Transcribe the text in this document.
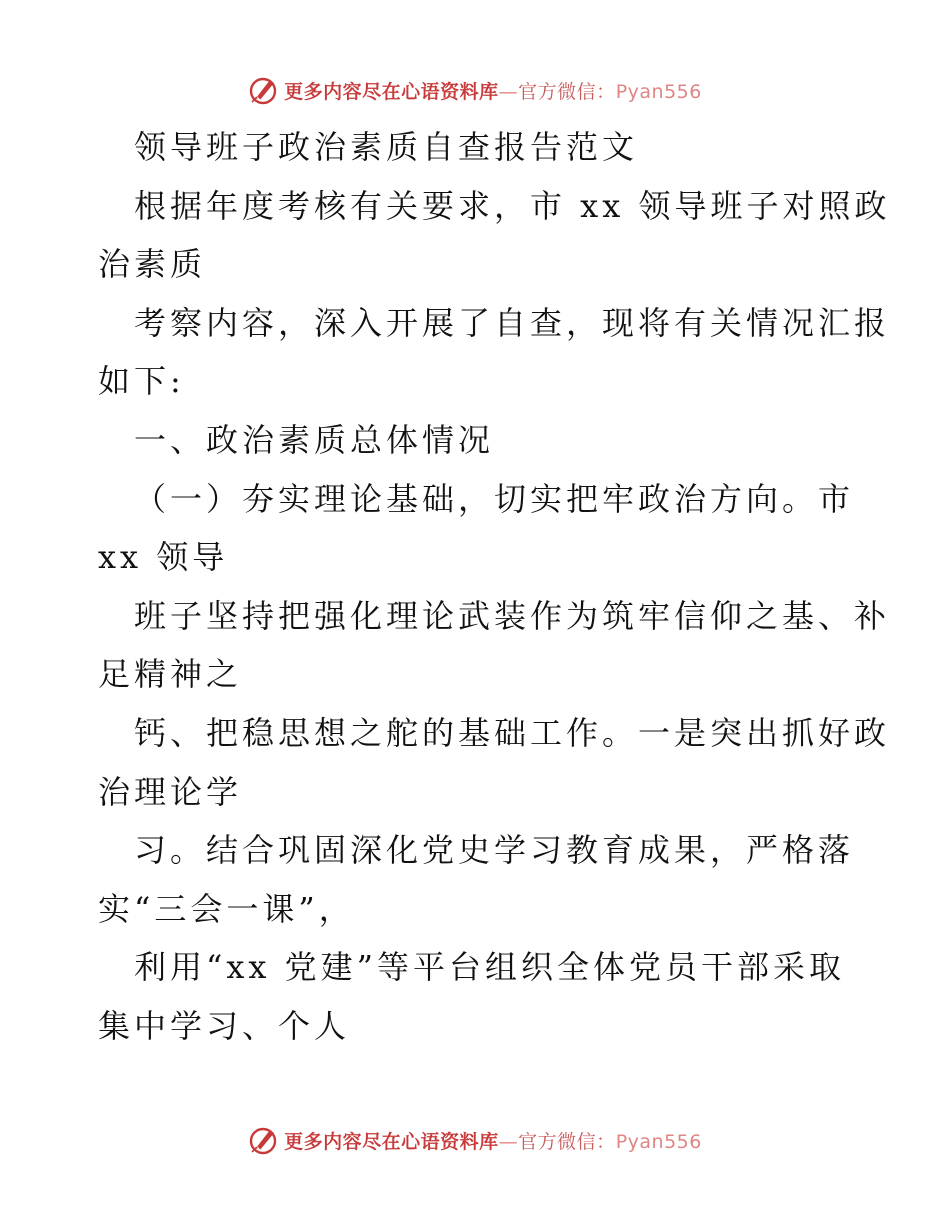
更多内容尽在心语资料库—官方微信：Pyan556
领导班子政治素质自查报告范文
根据年度考核有关要求，市 xx 领导班子对照政
治素质
考察内容，深入开展了自查，现将有关情况汇报
如下:
一、政治素质总体情况
（一）夯实理论基础，切实把牢政治方向。市
xx 领导
班子坚持把强化理论武装作为筑牢信仰之基、补
足精神之
钙、把稳思想之舵的基础工作。一是突出抓好政
治理论学
习。结合巩固深化党史学习教育成果，严格落
实“三会一课”，
利用“xx 党建”等平台组织全体党员干部采取
集中学习、个人
更多内容尽在心语资料库—官方微信：Pyan556
